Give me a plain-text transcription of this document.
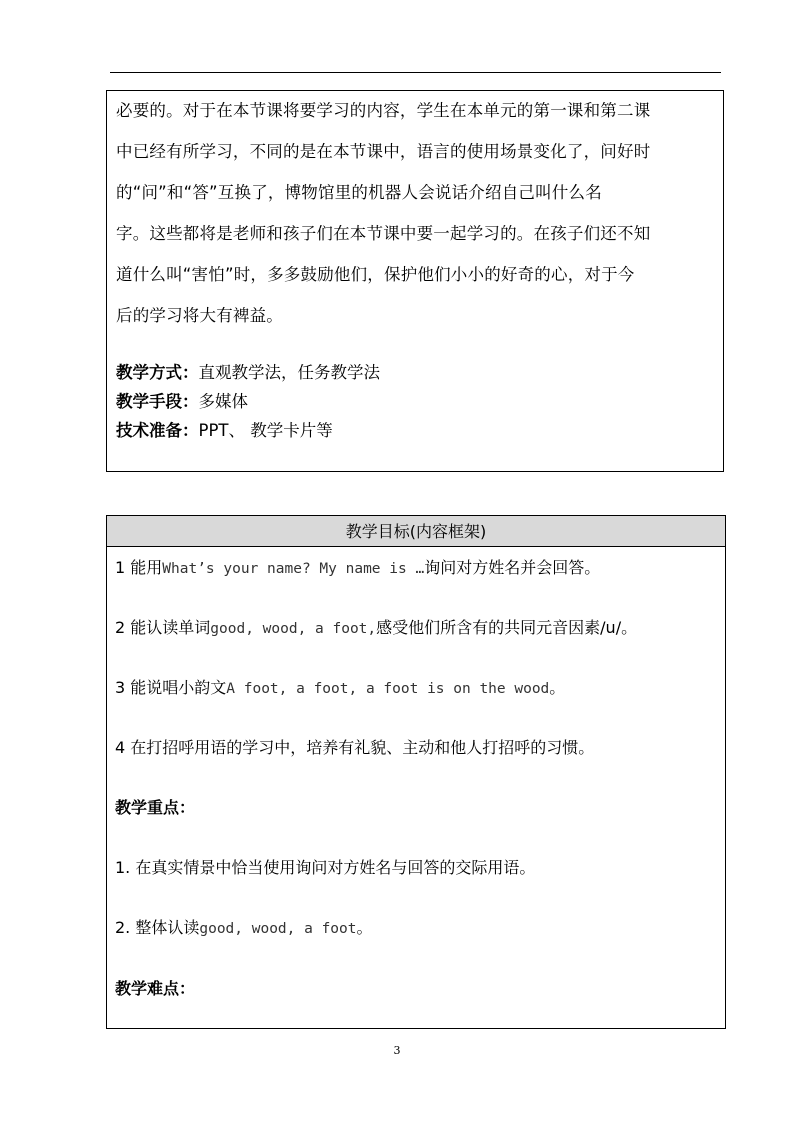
必要的。对于在本节课将要学习的内容，学生在本单元的第一课和第二课
中已经有所学习，不同的是在本节课中，语言的使用场景变化了，问好时
的“问”和“答”互换了，博物馆里的机器人会说话介绍自己叫什么名
字。这些都将是老师和孩子们在本节课中要一起学习的。在孩子们还不知
道什么叫“害怕”时，多多鼓励他们，保护他们小小的好奇的心，对于今
后的学习将大有裨益。
教学方式：直观教学法，任务教学法
教学手段：多媒体
技术准备：PPT、 教学卡片等
教学目标(内容框架)
1 能用What’s your name? My name is …询问对方姓名并会回答。
2 能认读单词good, wood, a foot,感受他们所含有的共同元音因素/u/。
3 能说唱小韵文A foot, a foot, a foot is on the wood。
4 在打招呼用语的学习中，培养有礼貌、主动和他人打招呼的习惯。
教学重点：
1. 在真实情景中恰当使用询问对方姓名与回答的交际用语。
2. 整体认读good, wood, a foot。
教学难点：
3
